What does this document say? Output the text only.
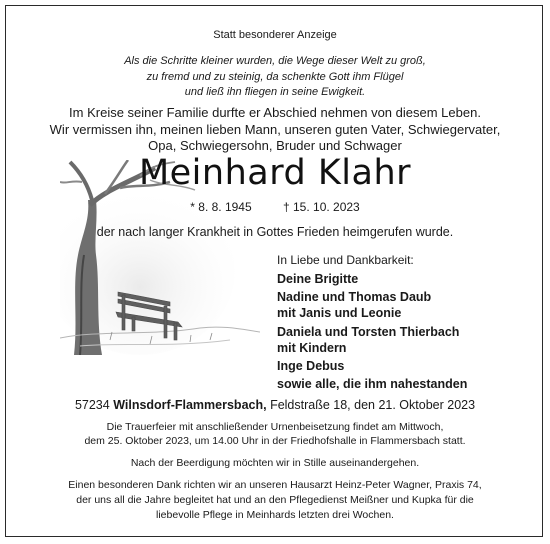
Statt besonderer Anzeige
Als die Schritte kleiner wurden, die Wege dieser Welt zu groß,
zu fremd und zu steinig, da schenkte Gott ihm Flügel
und ließ ihn fliegen in seine Ewigkeit.
Im Kreise seiner Familie durfte er Abschied nehmen von diesem Leben.
Wir vermissen ihn, meinen lieben Mann, unseren guten Vater, Schwiegervater,
Opa, Schwiegersohn, Bruder und Schwager
Meinhard Klahr
* 8. 8. 1945	† 15. 10. 2023
der nach langer Krankheit in Gottes Frieden heimgerufen wurde.
In Liebe und Dankbarkeit:
Deine Brigitte
Nadine und Thomas Daub
mit Janis und Leonie
Daniela und Torsten Thierbach
mit Kindern
Inge Debus
sowie alle, die ihm nahestanden
57234 Wilnsdorf-Flammersbach, Feldstraße 18, den 21. Oktober 2023
Die Trauerfeier mit anschließender Urnenbeisetzung findet am Mittwoch,
dem 25. Oktober 2023, um 14.00 Uhr in der Friedhofshalle in Flammersbach statt.
Nach der Beerdigung möchten wir in Stille auseinandergehen.
Einen besonderen Dank richten wir an unseren Hausarzt Heinz-Peter Wagner, Praxis 74,
der uns all die Jahre begleitet hat und an den Pflegedienst Meißner und Kupka für die
liebevolle Pflege in Meinhards letzten drei Wochen.
